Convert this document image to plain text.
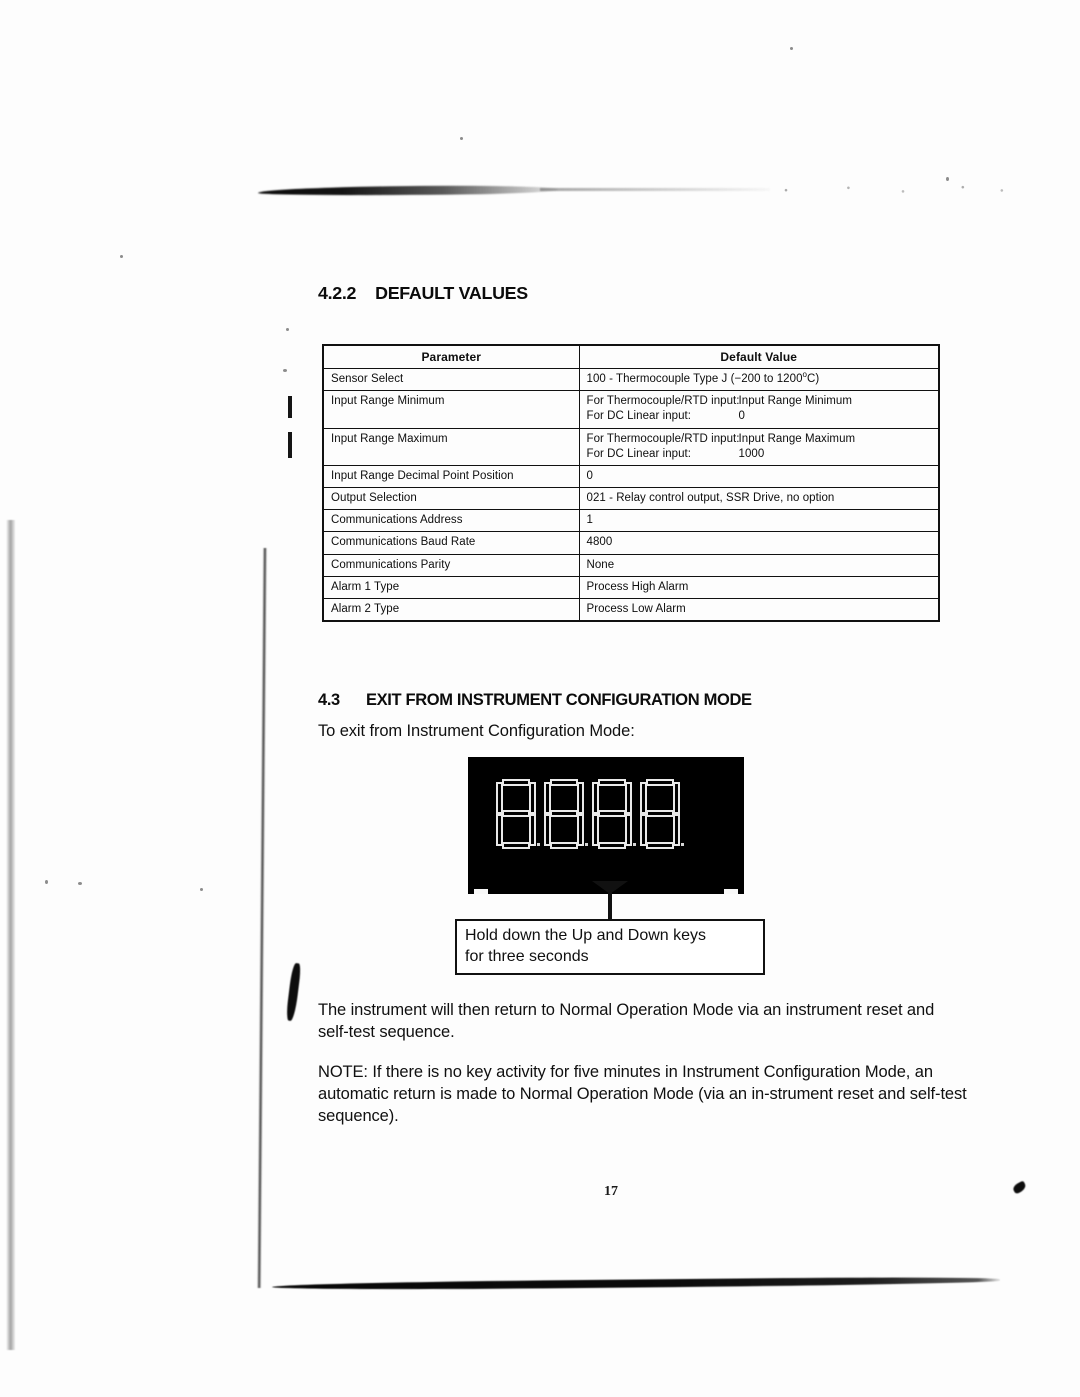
4.2.2 DEFAULT VALUES
Parameter	Default Value
Sensor Select	100 - Thermocouple Type J (−200 to 1200$^o$C)
Input Range Minimum	For Thermocouple/RTD input:Input Range Minimum
For DC Linear input: 0

Input Range Maximum	For Thermocouple/RTD input:Input Range Maximum
For DC Linear input: 1000

Input Range Decimal Point Position	0
Output Selection	021 - Relay control output, SSR Drive, no option
Communications Address	1
Communications Baud Rate	4800
Communications Parity	None
Alarm 1 Type	Process High Alarm
Alarm 2 Type	Process Low Alarm
4.3 EXIT FROM INSTRUMENT CONFIGURATION MODE
To exit from Instrument Configuration Mode:
Hold down the Up and Down keys
for three seconds
The instrument will then return to Normal Operation Mode via an instrument reset and self-test sequence.
NOTE: If there is no key activity for five minutes in Instrument Configuration Mode, an automatic return is made to Normal Operation Mode (via an in-strument reset and self-test sequence).
17
